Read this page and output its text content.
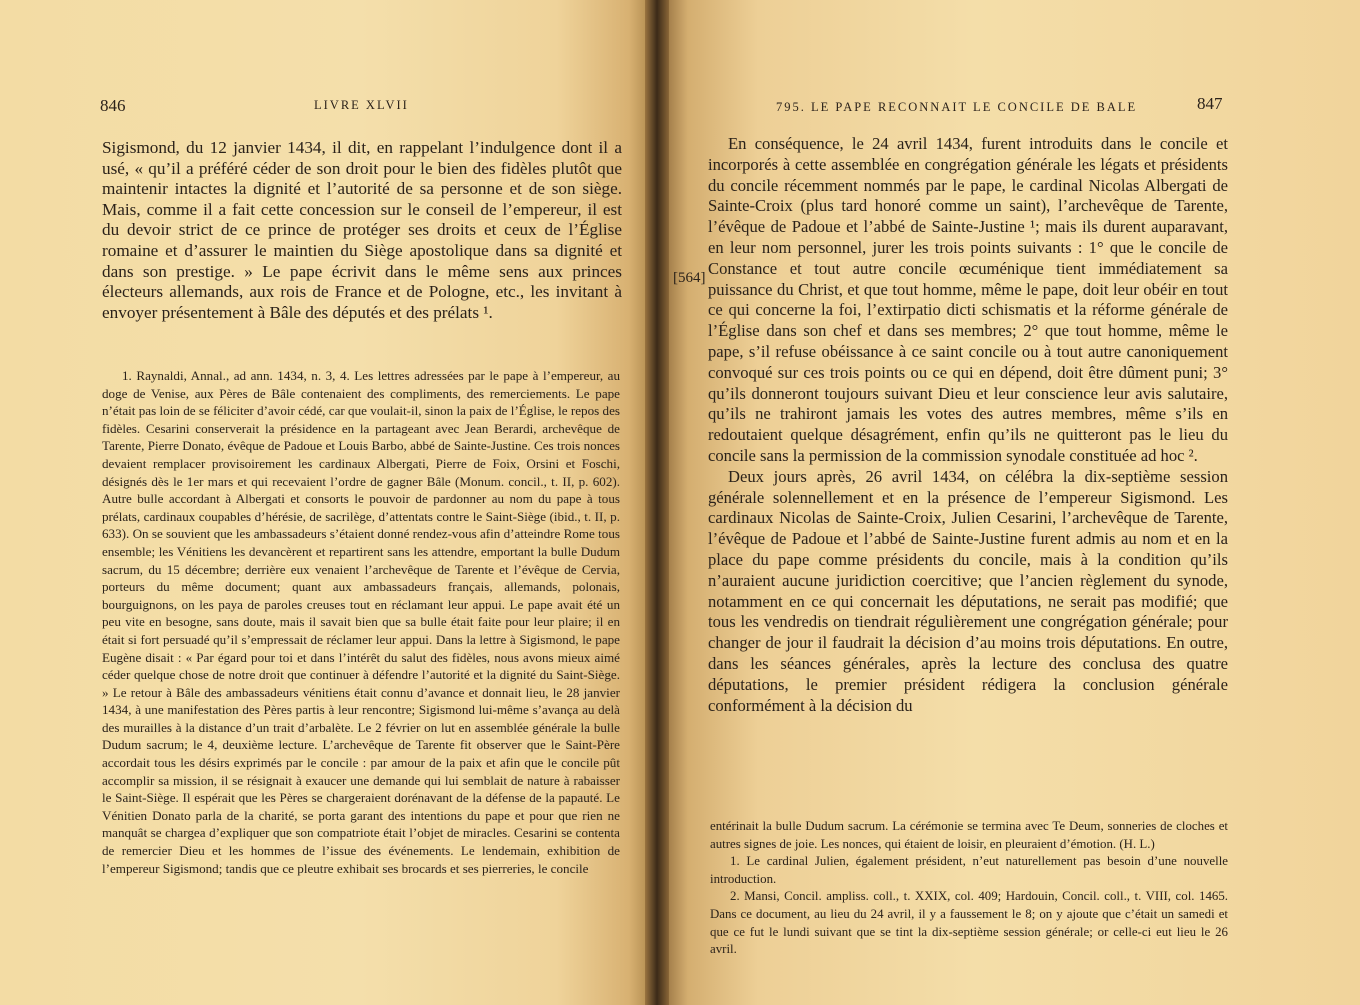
846	LIVRE XLVII

Sigismond, du 12 janvier 1434, il dit, en rappelant l’indulgence dont il a usé, « qu’il a préféré céder de son droit pour le bien des fidèles plutôt que maintenir intactes la dignité et l’autorité de sa personne et de son siège. Mais, comme il a fait cette concession sur le conseil de l’empereur, il est du devoir strict de ce prince de protéger ses droits et ceux de l’Église romaine et d’assurer le maintien du Siège apostolique dans sa dignité et dans son prestige. » Le pape écrivit dans le même sens aux princes électeurs allemands, aux rois de France et de Pologne, etc., les invitant à envoyer présentement à Bâle des députés et des prélats ¹.

1. Raynaldi, Annal., ad ann. 1434, n. 3, 4. Les lettres adressées par le pape à l’empereur, au doge de Venise, aux Pères de Bâle contenaient des compliments, des remerciements. Le pape n’était pas loin de se féliciter d’avoir cédé, car que voulait-il, sinon la paix de l’Église, le repos des fidèles. Cesarini conserverait la présidence en la partageant avec Jean Berardi, archevêque de Tarente, Pierre Donato, évêque de Padoue et Louis Barbo, abbé de Sainte-Justine. Ces trois nonces devaient remplacer provisoirement les cardinaux Albergati, Pierre de Foix, Orsini et Foschi, désignés dès le 1er mars et qui recevaient l’ordre de gagner Bâle (Monum. concil., t. II, p. 602). Autre bulle accordant à Albergati et consorts le pouvoir de pardonner au nom du pape à tous prélats, cardinaux coupables d’hérésie, de sacrilège, d’attentats contre le Saint-Siège (ibid., t. II, p. 633). On se souvient que les ambassadeurs s’étaient donné rendez-vous afin d’atteindre Rome tous ensemble; les Vénitiens les devancèrent et repartirent sans les attendre, emportant la bulle Dudum sacrum, du 15 décembre; derrière eux venaient l’archevêque de Tarente et l’évêque de Cervia, porteurs du même document; quant aux ambassadeurs français, allemands, polonais, bourguignons, on les paya de paroles creuses tout en réclamant leur appui. Le pape avait été un peu vite en besogne, sans doute, mais il savait bien que sa bulle était faite pour leur plaire; il en était si fort persuadé qu’il s’empressait de réclamer leur appui. Dans la lettre à Sigismond, le pape Eugène disait : « Par égard pour toi et dans l’intérêt du salut des fidèles, nous avons mieux aimé céder quelque chose de notre droit que continuer à défendre l’autorité et la dignité du Saint-Siège. » Le retour à Bâle des ambassadeurs vénitiens était connu d’avance et donnait lieu, le 28 janvier 1434, à une manifestation des Pères partis à leur rencontre; Sigismond lui-même s’avança au delà des murailles à la distance d’un trait d’arbalète. Le 2 février on lut en assemblée générale la bulle Dudum sacrum; le 4, deuxième lecture. L’archevêque de Tarente fit observer que le Saint-Père accordait tous les désirs exprimés par le concile : par amour de la paix et afin que le concile pût accomplir sa mission, il se résignait à exaucer une demande qui lui semblait de nature à rabaisser le Saint-Siège. Il espérait que les Pères se chargeraient dorénavant de la défense de la papauté. Le Vénitien Donato parla de la charité, se porta garant des intentions du pape et pour que rien ne manquât se chargea d’expliquer que son compatriote était l’objet de miracles. Cesarini se contenta de remercier Dieu et les hommes de l’issue des événements. Le lendemain, exhibition de l’empereur Sigismond; tandis que ce pleutre exhibait ses brocards et ses pierreries, le concile

847
795. LE PAPE RECONNAIT LE CONCILE DE BALE
[564]

En conséquence, le 24 avril 1434, furent introduits dans le concile et incorporés à cette assemblée en congrégation générale les légats et présidents du concile récemment nommés par le pape, le cardinal Nicolas Albergati de Sainte-Croix (plus tard honoré comme un saint), l’archevêque de Tarente, l’évêque de Padoue et l’abbé de Sainte-Justine ¹; mais ils durent auparavant, en leur nom personnel, jurer les trois points suivants : 1° que le concile de Constance et tout autre concile œcuménique tient immédiatement sa puissance du Christ, et que tout homme, même le pape, doit leur obéir en tout ce qui concerne la foi, l’extirpatio dicti schismatis et la réforme générale de l’Église dans son chef et dans ses membres; 2° que tout homme, même le pape, s’il refuse obéissance à ce saint concile ou à tout autre canoniquement convoqué sur ces trois points ou ce qui en dépend, doit être dûment puni; 3° qu’ils donneront toujours suivant Dieu et leur conscience leur avis salutaire, qu’ils ne trahiront jamais les votes des autres membres, même s’ils en redoutaient quelque désagrément, enfin qu’ils ne quitteront pas le lieu du concile sans la permission de la commission synodale constituée ad hoc ².

Deux jours après, 26 avril 1434, on célébra la dix-septième session générale solennellement et en la présence de l’empereur Sigismond. Les cardinaux Nicolas de Sainte-Croix, Julien Cesarini, l’archevêque de Tarente, l’évêque de Padoue et l’abbé de Sainte-Justine furent admis au nom et en la place du pape comme présidents du concile, mais à la condition qu’ils n’auraient aucune juridiction coercitive; que l’ancien règlement du synode, notamment en ce qui concernait les députations, ne serait pas modifié; que tous les vendredis on tiendrait régulièrement une congrégation générale; pour changer de jour il faudrait la décision d’au moins trois députations. En outre, dans les séances générales, après la lecture des conclusa des quatre députations, le premier président rédigera la conclusion générale conformément à la décision du

entérinait la bulle Dudum sacrum. La cérémonie se termina avec Te Deum, sonneries de cloches et autres signes de joie. Les nonces, qui étaient de loisir, en pleuraient d’émotion. (H. L.)

1. Le cardinal Julien, également président, n’eut naturellement pas besoin d’une nouvelle introduction.

2. Mansi, Concil. ampliss. coll., t. XXIX, col. 409; Hardouin, Concil. coll., t. VIII, col. 1465. Dans ce document, au lieu du 24 avril, il y a faussement le 8; on y ajoute que c’était un samedi et que ce fut le lundi suivant que se tint la dix-septième session générale; or celle-ci eut lieu le 26 avril.
